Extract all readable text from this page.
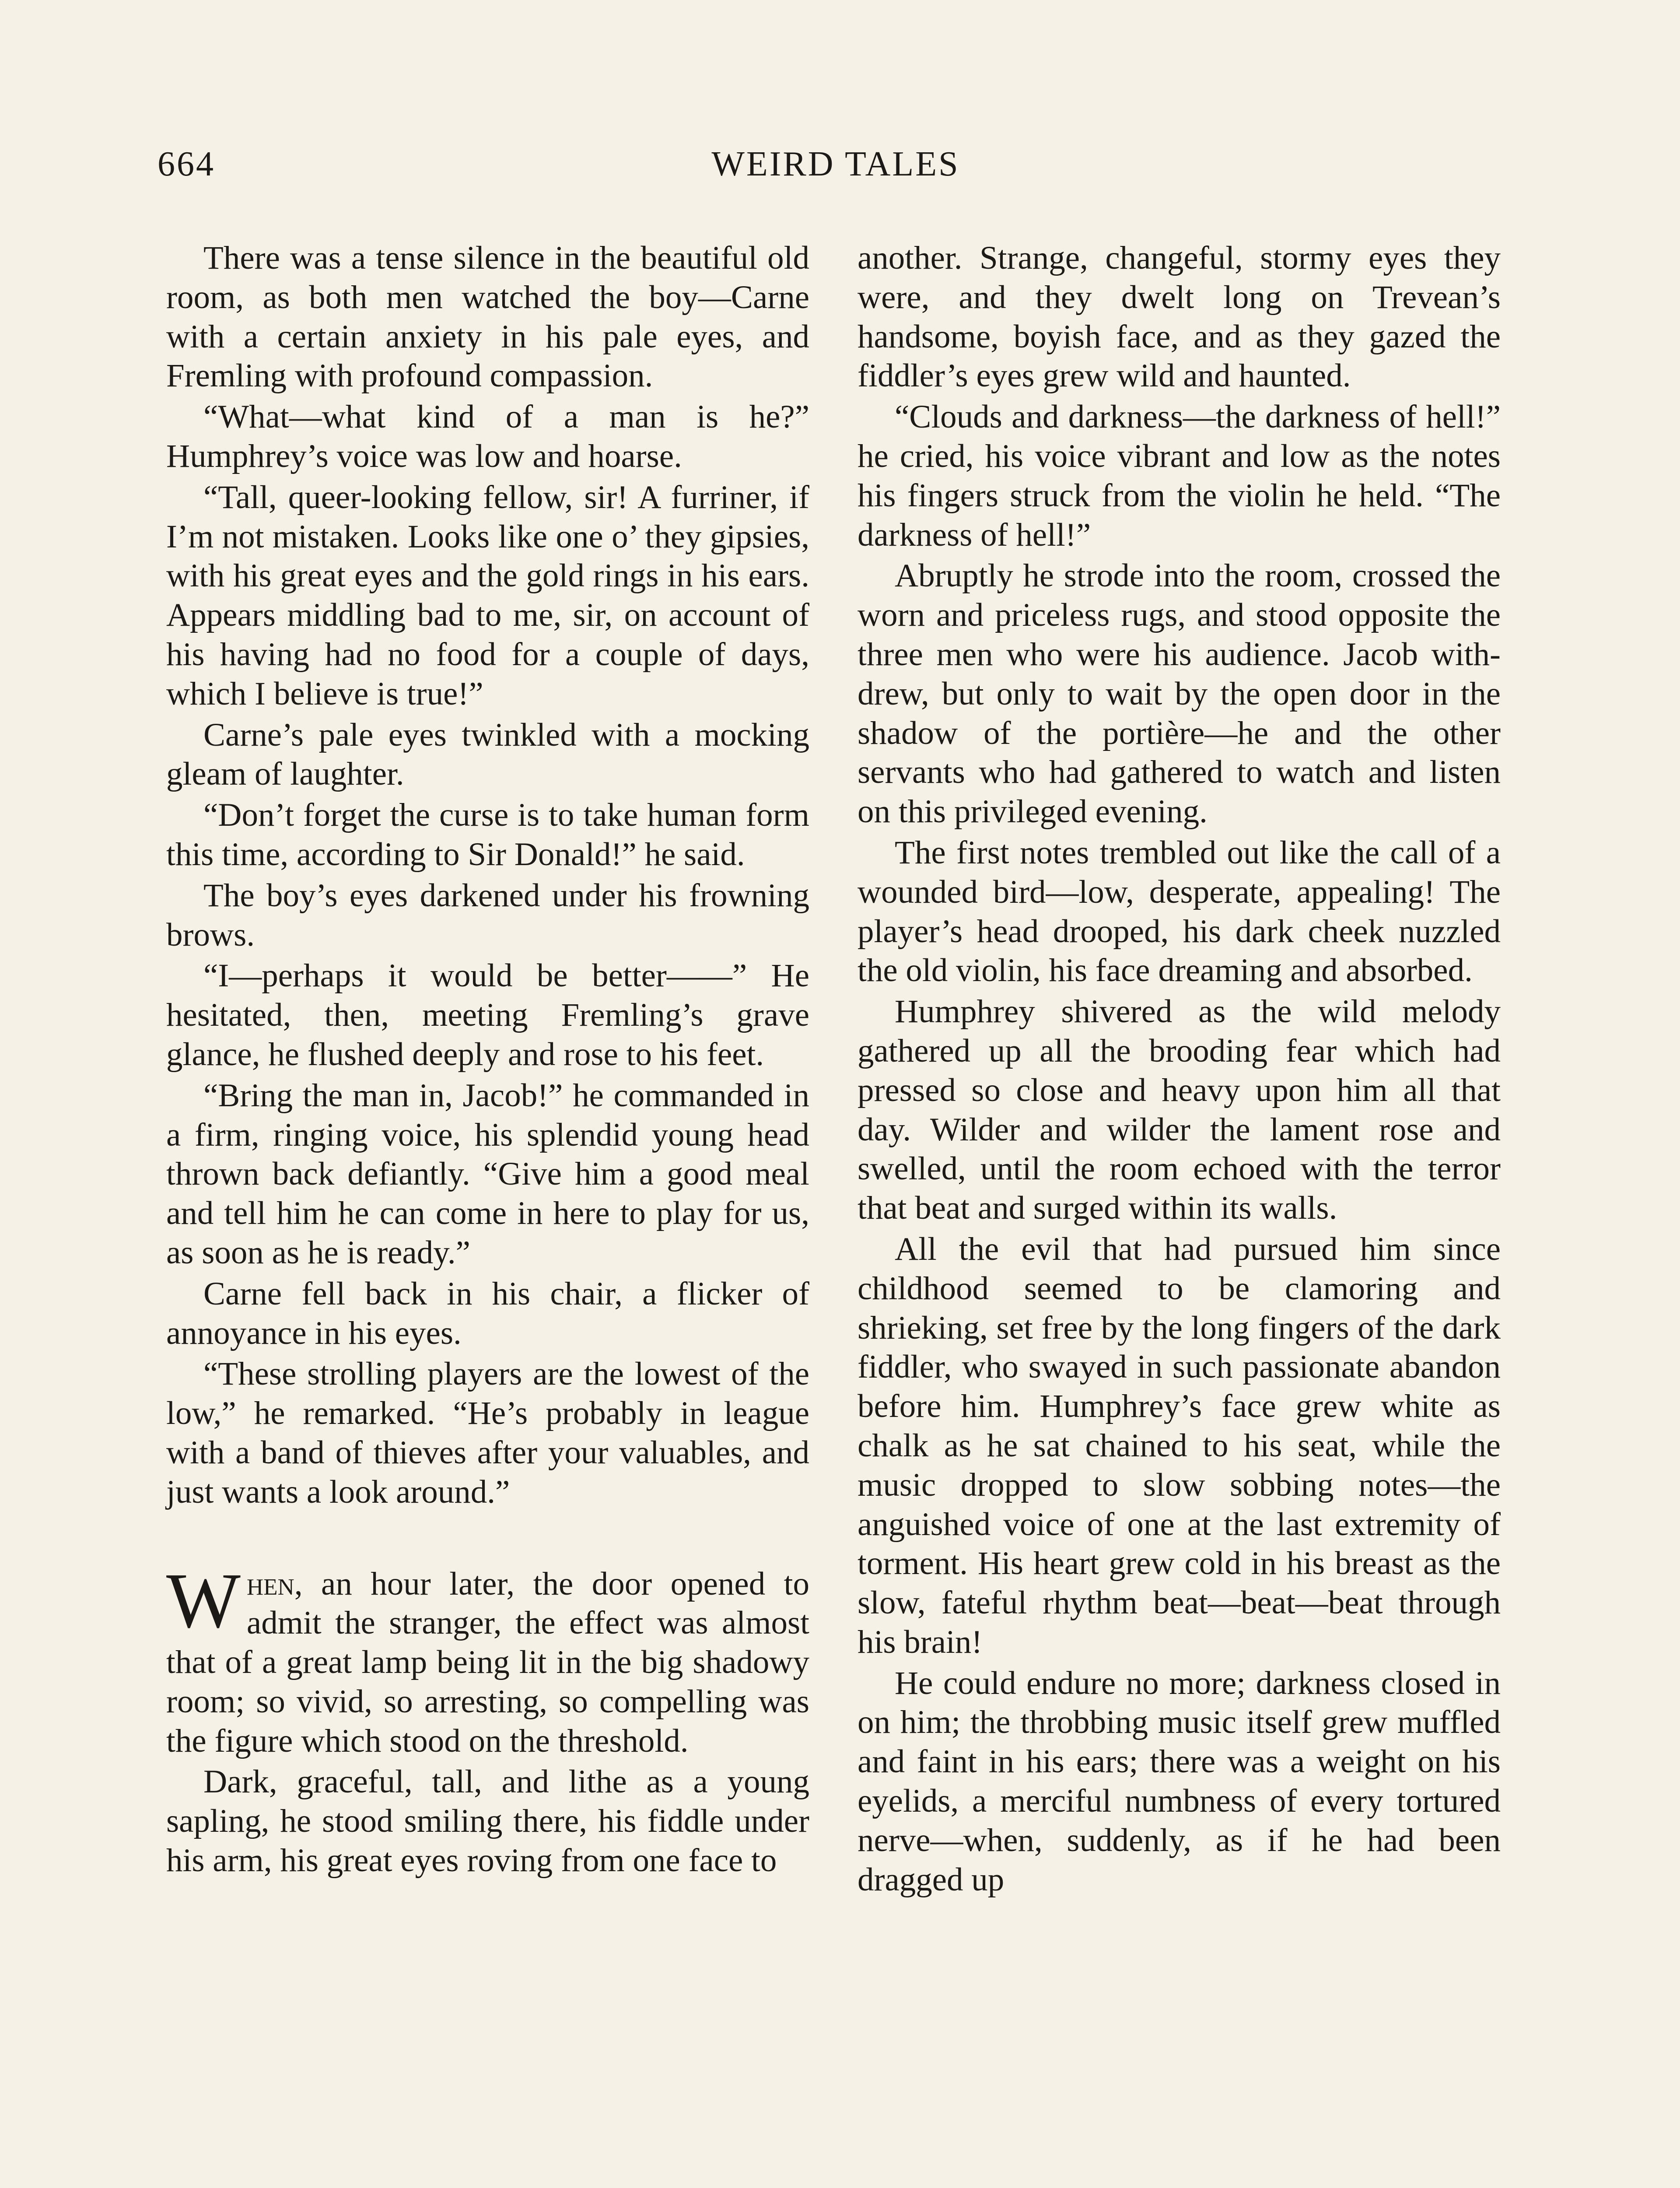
664	WEIRD TALES

There was a tense silence in the beautiful old room, as both men watched the boy—Carne with a certain anxiety in his pale eyes, and Fremling with profound compassion.

“What—what kind of a man is he?” Humphrey’s voice was low and hoarse.

“Tall, queer-looking fellow, sir! A furriner, if I’m not mistaken. Looks like one o’ they gipsies, with his great eyes and the gold rings in his ears. Appears middling bad to me, sir, on account of his having had no food for a couple of days, which I believe is true!”

Carne’s pale eyes twinkled with a mocking gleam of laughter.

“Don’t forget the curse is to take human form this time, according to Sir Donald!” he said.

The boy’s eyes darkened under his frowning brows.

“I—perhaps it would be better——” He hesitated, then, meeting Fremling’s grave glance, he flushed deeply and rose to his feet.

“Bring the man in, Jacob!” he commanded in a firm, ringing voice, his splendid young head thrown back defiantly. “Give him a good meal and tell him he can come in here to play for us, as soon as he is ready.”

Carne fell back in his chair, a flicker of annoyance in his eyes.

“These strolling players are the lowest of the low,” he remarked. “He’s probably in league with a band of thieves after your valuables, and just wants a look around.”

When, an hour later, the door opened to admit the stranger, the effect was almost that of a great lamp being lit in the big shadowy room; so vivid, so arresting, so compelling was the figure which stood on the threshold.

Dark, graceful, tall, and lithe as a young sapling, he stood smiling there, his fiddle under his arm, his great eyes roving from one face to

another. Strange, changeful, stormy eyes they were, and they dwelt long on Trevean’s handsome, boyish face, and as they gazed the fiddler’s eyes grew wild and haunted.

“Clouds and darkness—the darkness of hell!” he cried, his voice vibrant and low as the notes his fingers struck from the violin he held. “The darkness of hell!”

Abruptly he strode into the room, crossed the worn and priceless rugs, and stood opposite the three men who were his audience. Jacob withdrew, but only to wait by the open door in the shadow of the portière—he and the other servants who had gathered to watch and listen on this privileged evening.

The first notes trembled out like the call of a wounded bird—low, desperate, appealing! The player’s head drooped, his dark cheek nuzzled the old violin, his face dreaming and absorbed.

Humphrey shivered as the wild melody gathered up all the brooding fear which had pressed so close and heavy upon him all that day. Wilder and wilder the lament rose and swelled, until the room echoed with the terror that beat and surged within its walls.

All the evil that had pursued him since childhood seemed to be clamoring and shrieking, set free by the long fingers of the dark fiddler, who swayed in such passionate abandon before him. Humphrey’s face grew white as chalk as he sat chained to his seat, while the music dropped to slow sobbing notes—the anguished voice of one at the last extremity of torment. His heart grew cold in his breast as the slow, fateful rhythm beat—beat—beat through his brain!

He could endure no more; darkness closed in on him; the throbbing music itself grew muffled and faint in his ears; there was a weight on his eyelids, a merciful numbness of every tortured nerve—when, suddenly, as if he had been dragged up
